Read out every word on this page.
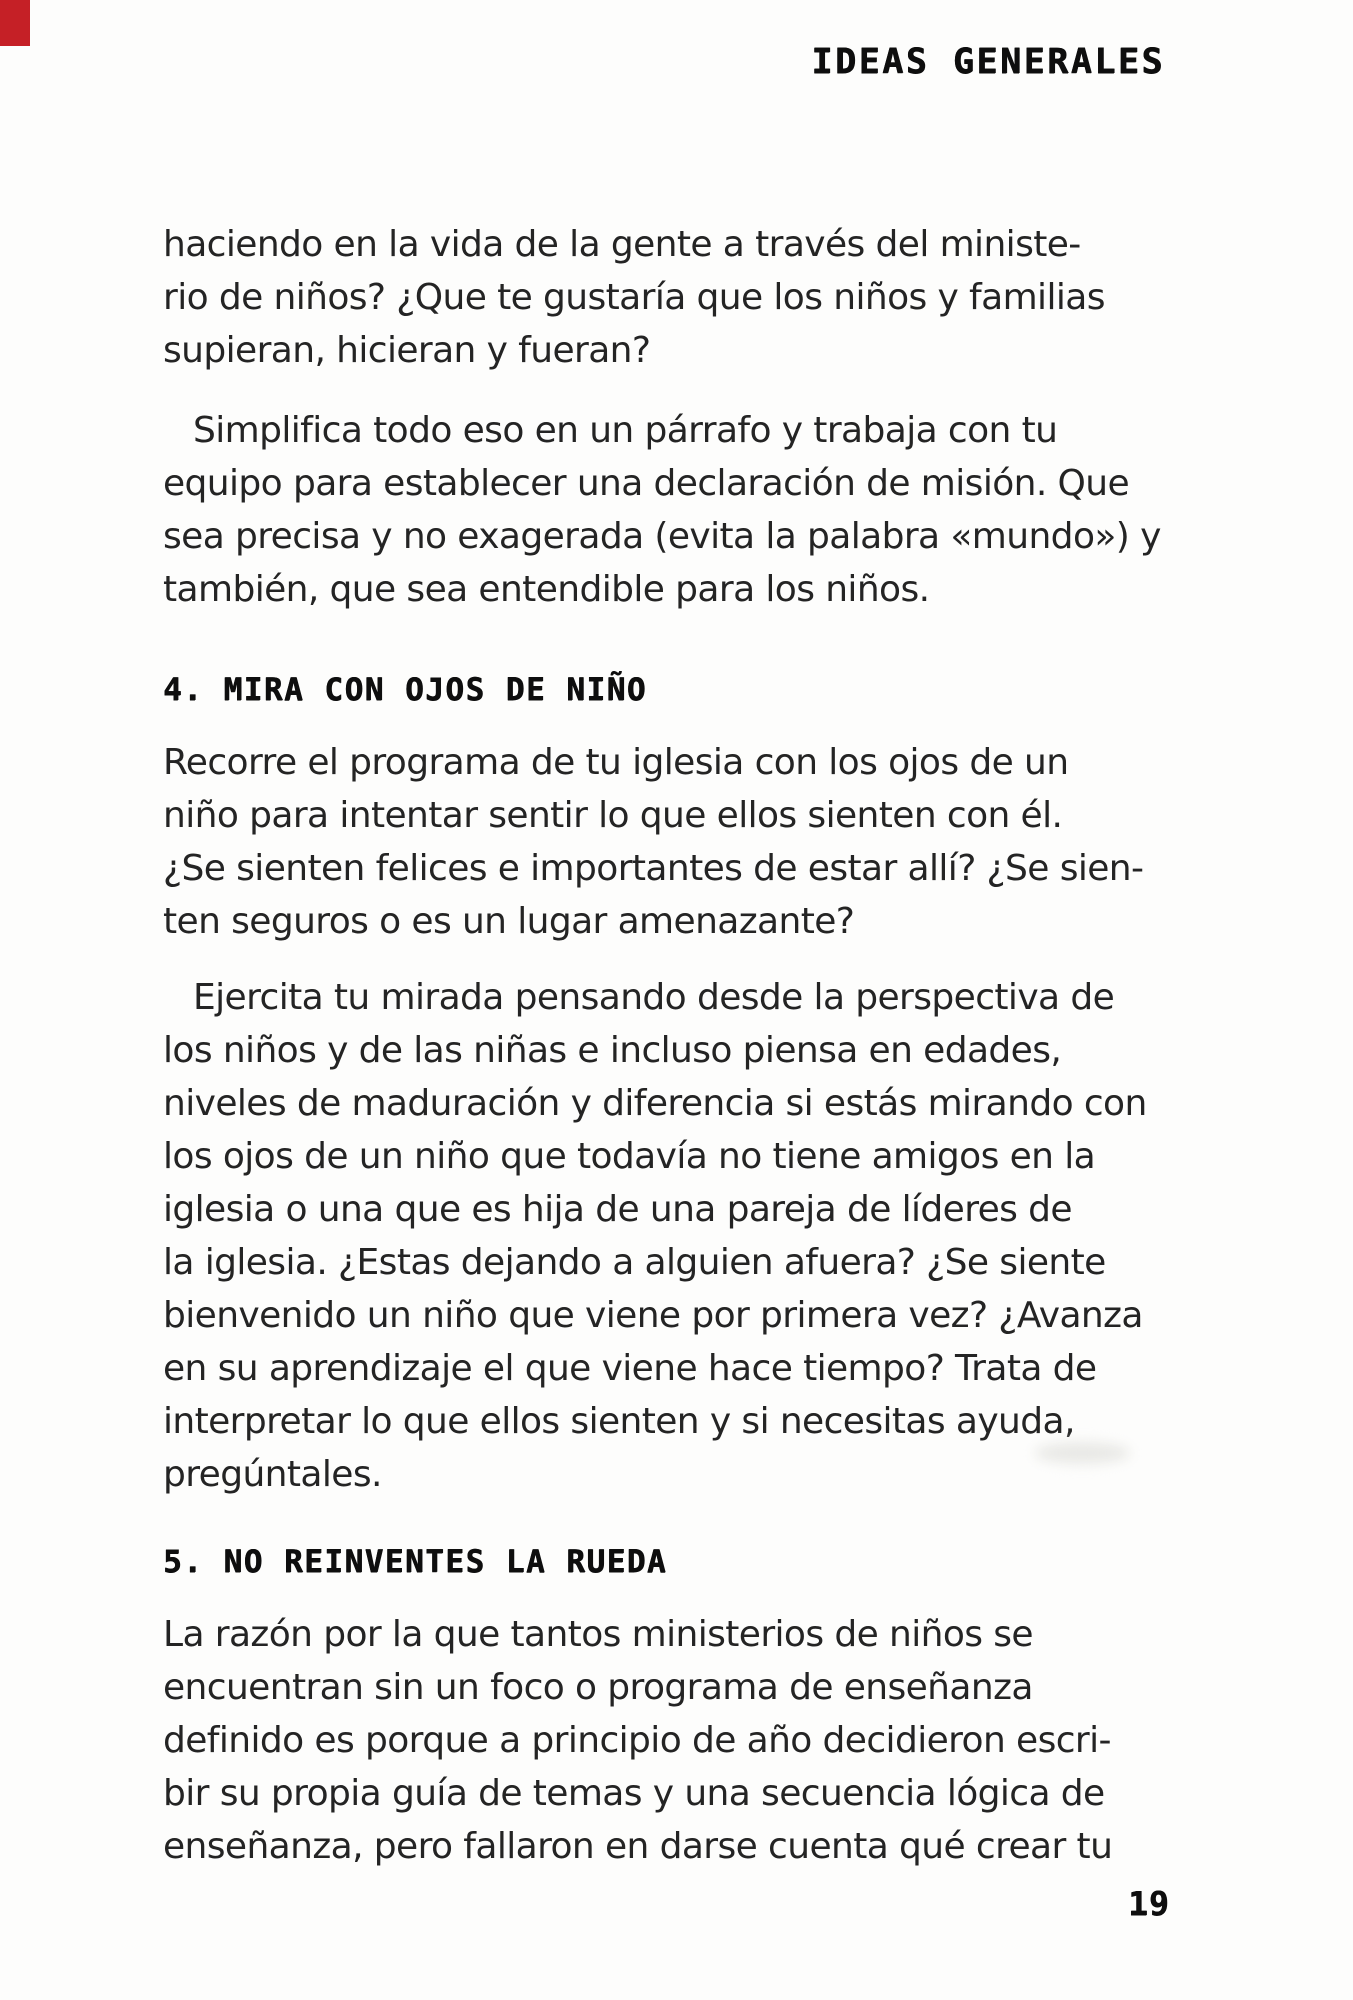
IDEAS GENERALES

haciendo en la vida de la gente a través del ministe-
rio de niños? ¿Que te gustaría que los niños y familias
supieran, hicieran y fueran?

Simplifica todo eso en un párrafo y trabaja con tu
equipo para establecer una declaración de misión. Que
sea precisa y no exagerada (evita la palabra «mundo») y
también, que sea entendible para los niños.

4. MIRA CON OJOS DE NIÑO

Recorre el programa de tu iglesia con los ojos de un
niño para intentar sentir lo que ellos sienten con él.
¿Se sienten felices e importantes de estar allí? ¿Se sien-
ten seguros o es un lugar amenazante?

Ejercita tu mirada pensando desde la perspectiva de
los niños y de las niñas e incluso piensa en edades,
niveles de maduración y diferencia si estás mirando con
los ojos de un niño que todavía no tiene amigos en la
iglesia o una que es hija de una pareja de líderes de
la iglesia. ¿Estas dejando a alguien afuera? ¿Se siente
bienvenido un niño que viene por primera vez? ¿Avanza
en su aprendizaje el que viene hace tiempo? Trata de
interpretar lo que ellos sienten y si necesitas ayuda,
pregúntales.

5. NO REINVENTES LA RUEDA

La razón por la que tantos ministerios de niños se
encuentran sin un foco o programa de enseñanza
definido es porque a principio de año decidieron escri-
bir su propia guía de temas y una secuencia lógica de
enseñanza, pero fallaron en darse cuenta qué crear tu

19
